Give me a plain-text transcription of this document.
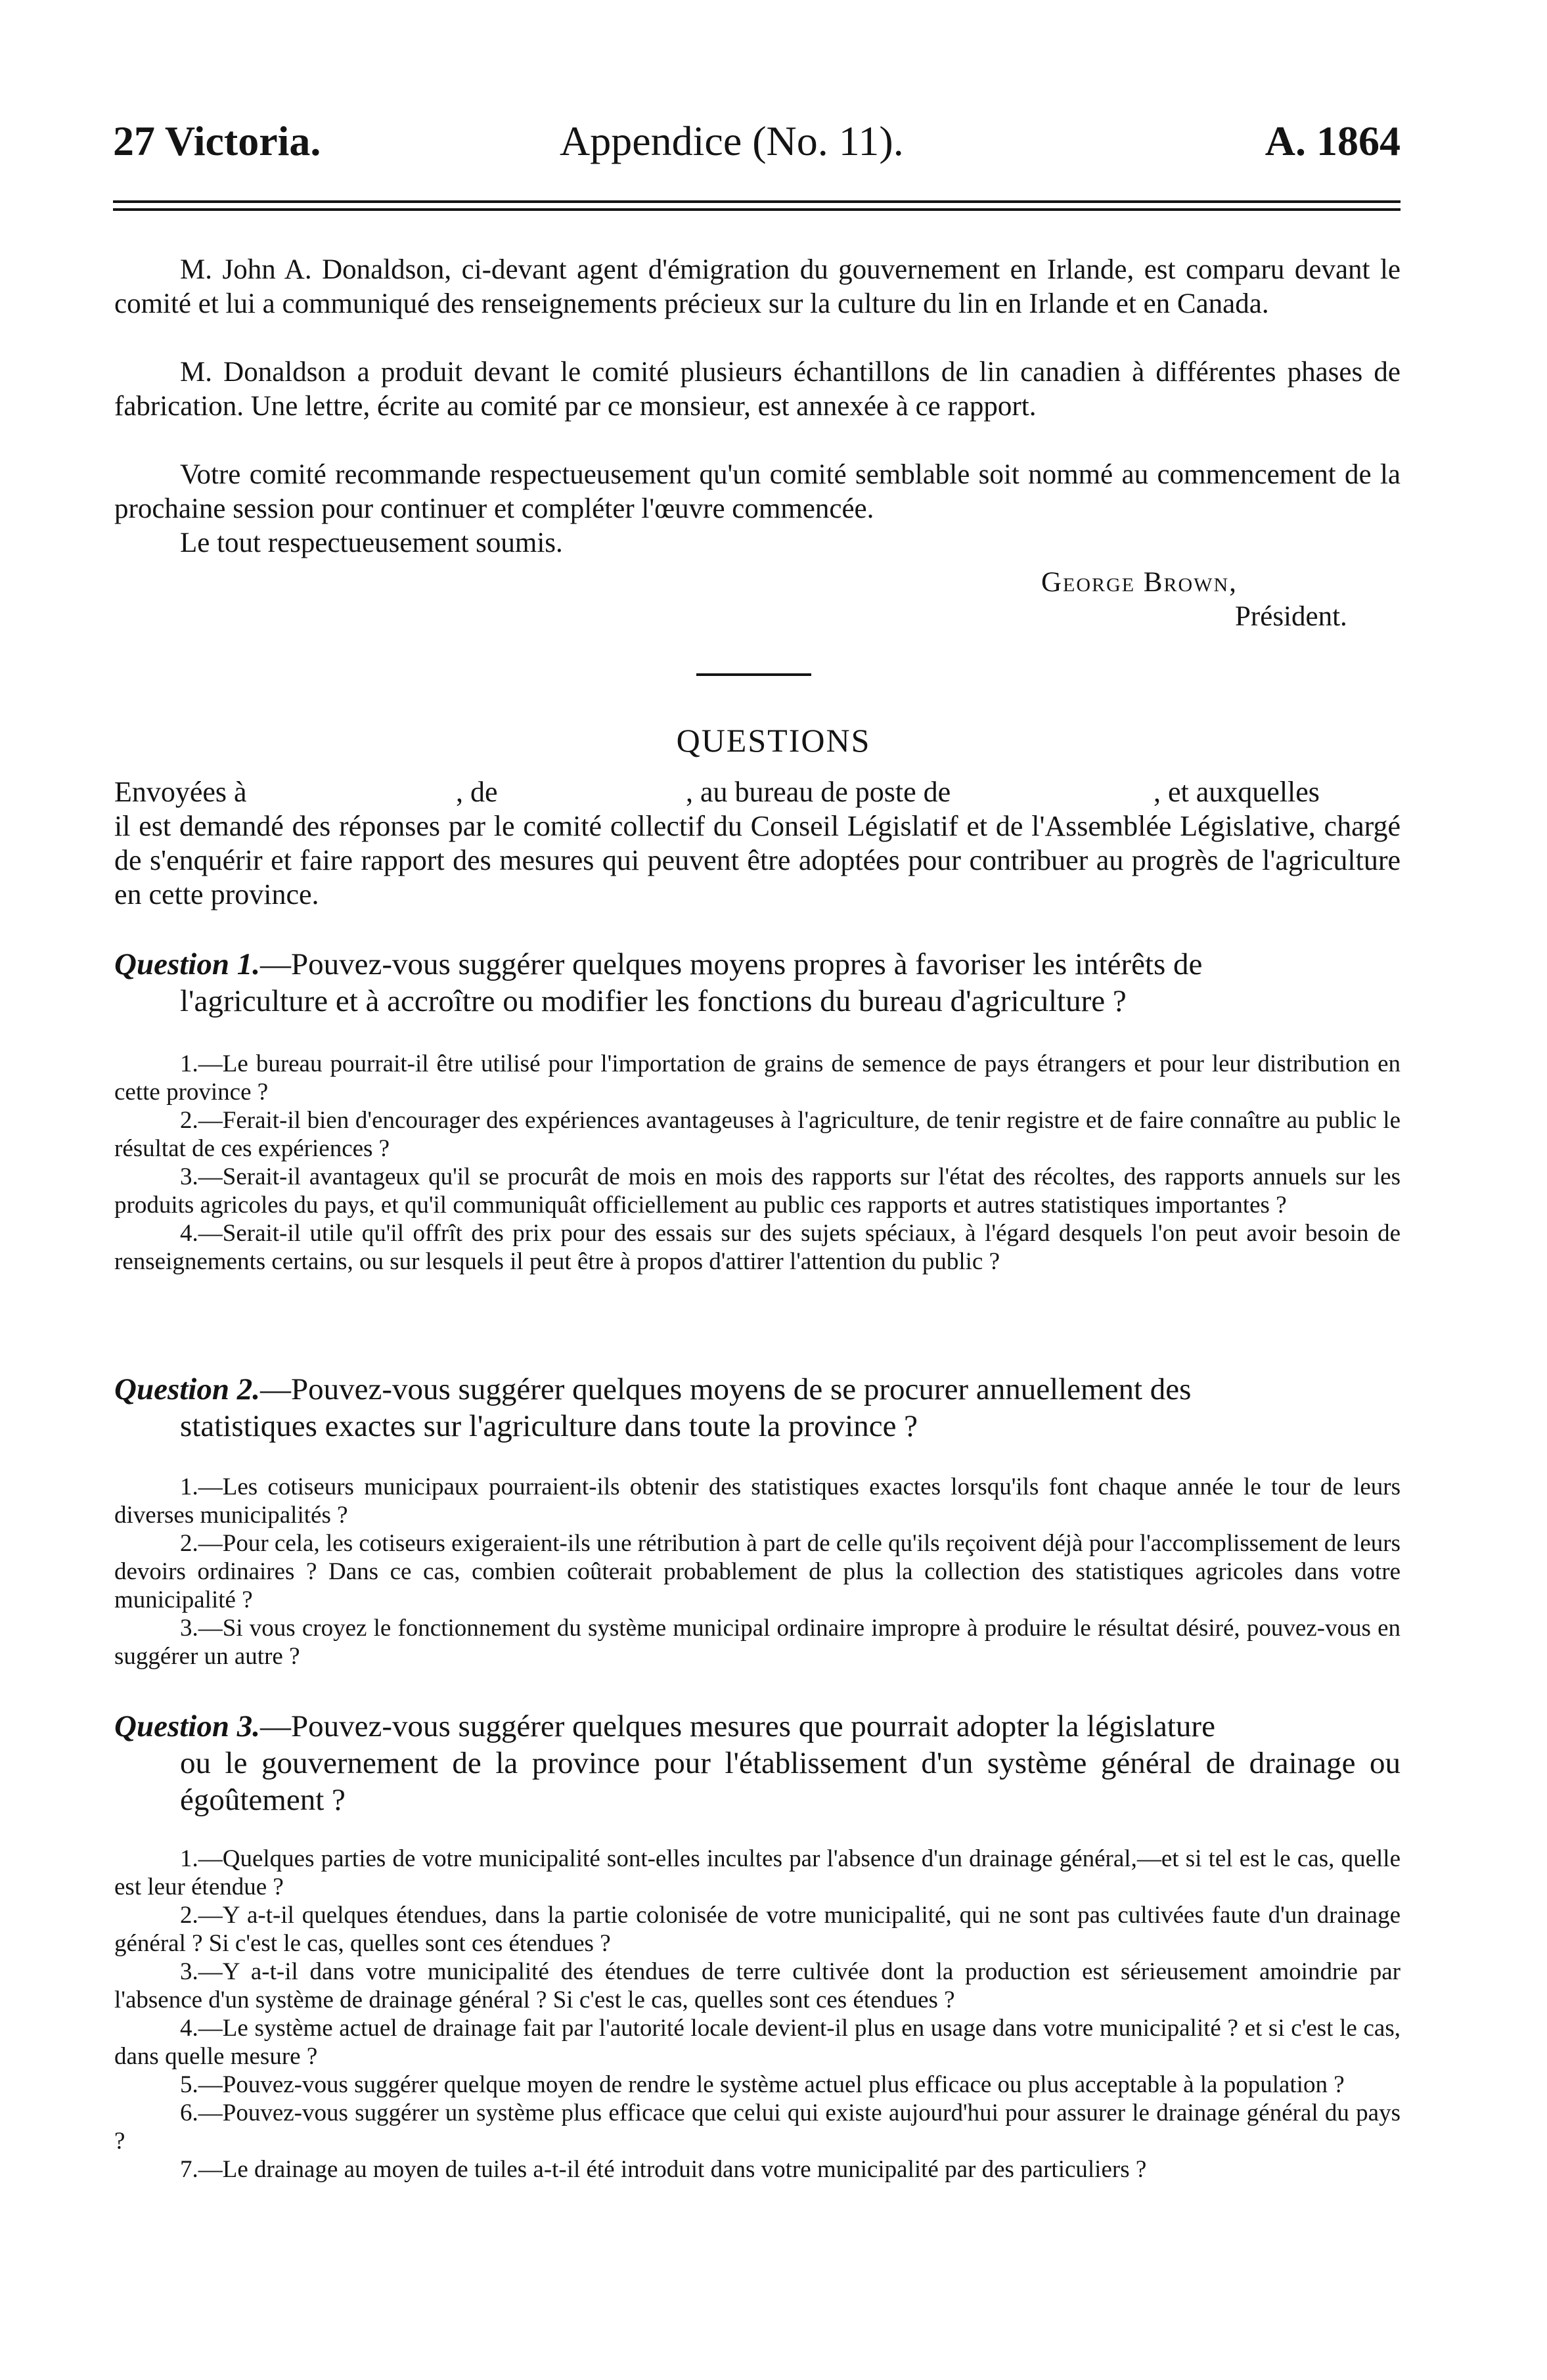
27 Victoria.	Appendice (No. 11).	A. 1864

M. John A. Donaldson, ci-devant agent d'émigration du gouvernement en Irlande, est comparu devant le comité et lui a communiqué des renseignements précieux sur la culture du lin en Irlande et en Canada.

M. Donaldson a produit devant le comité plusieurs échantillons de lin canadien à différentes phases de fabrication. Une lettre, écrite au comité par ce monsieur, est annexée à ce rapport.

Votre comité recommande respectueusement qu'un comité semblable soit nommé au commencement de la prochaine session pour continuer et compléter l'œuvre commencée.

Le tout respectueusement soumis.

George Brown,
Président.
QUESTIONS
Envoyées à	, de	, au bureau de poste de	, et auxquelles
il est demandé des réponses par le comité collectif du Conseil Législatif et de l'Assemblée Législative, chargé de s'enquérir et faire rapport des mesures qui peuvent être adoptées pour contribuer au progrès de l'agriculture en cette province.

Question 1.—Pouvez-vous suggérer quelques moyens propres à favoriser les intérêts de
l'agriculture et à accroître ou modifier les fonctions du bureau d'agriculture ?

1.—Le bureau pourrait-il être utilisé pour l'importation de grains de semence de pays étrangers et pour leur distribution en cette province ?
2.—Ferait-il bien d'encourager des expériences avantageuses à l'agriculture, de tenir registre et de faire connaître au public le résultat de ces expériences ?
3.—Serait-il avantageux qu'il se procurât de mois en mois des rapports sur l'état des récoltes, des rapports annuels sur les produits agricoles du pays, et qu'il communiquât officiellement au public ces rapports et autres statistiques importantes ?
4.—Serait-il utile qu'il offrît des prix pour des essais sur des sujets spéciaux, à l'égard desquels l'on peut avoir besoin de renseignements certains, ou sur lesquels il peut être à propos d'attirer l'attention du public ?

Question 2.—Pouvez-vous suggérer quelques moyens de se procurer annuellement des
statistiques exactes sur l'agriculture dans toute la province ?

1.—Les cotiseurs municipaux pourraient-ils obtenir des statistiques exactes lorsqu'ils font chaque année le tour de leurs diverses municipalités ?
2.—Pour cela, les cotiseurs exigeraient-ils une rétribution à part de celle qu'ils reçoivent déjà pour l'accomplissement de leurs devoirs ordinaires ? Dans ce cas, combien coûterait probablement de plus la collection des statistiques agricoles dans votre municipalité ?
3.—Si vous croyez le fonctionnement du système municipal ordinaire impropre à produire le résultat désiré, pouvez-vous en suggérer un autre ?

Question 3.—Pouvez-vous suggérer quelques mesures que pourrait adopter la législature
ou le gouvernement de la province pour l'établissement d'un système général de drainage ou égoûtement ?

1.—Quelques parties de votre municipalité sont-elles incultes par l'absence d'un drainage général,—et si tel est le cas, quelle est leur étendue ?
2.—Y a-t-il quelques étendues, dans la partie colonisée de votre municipalité, qui ne sont pas cultivées faute d'un drainage général ? Si c'est le cas, quelles sont ces étendues ?
3.—Y a-t-il dans votre municipalité des étendues de terre cultivée dont la production est sérieusement amoindrie par l'absence d'un système de drainage général ? Si c'est le cas, quelles sont ces étendues ?
4.—Le système actuel de drainage fait par l'autorité locale devient-il plus en usage dans votre municipalité ? et si c'est le cas, dans quelle mesure ?
5.—Pouvez-vous suggérer quelque moyen de rendre le système actuel plus efficace ou plus acceptable à la population ?
6.—Pouvez-vous suggérer un système plus efficace que celui qui existe aujourd'hui pour assurer le drainage général du pays ?
7.—Le drainage au moyen de tuiles a-t-il été introduit dans votre municipalité par des particuliers ?
